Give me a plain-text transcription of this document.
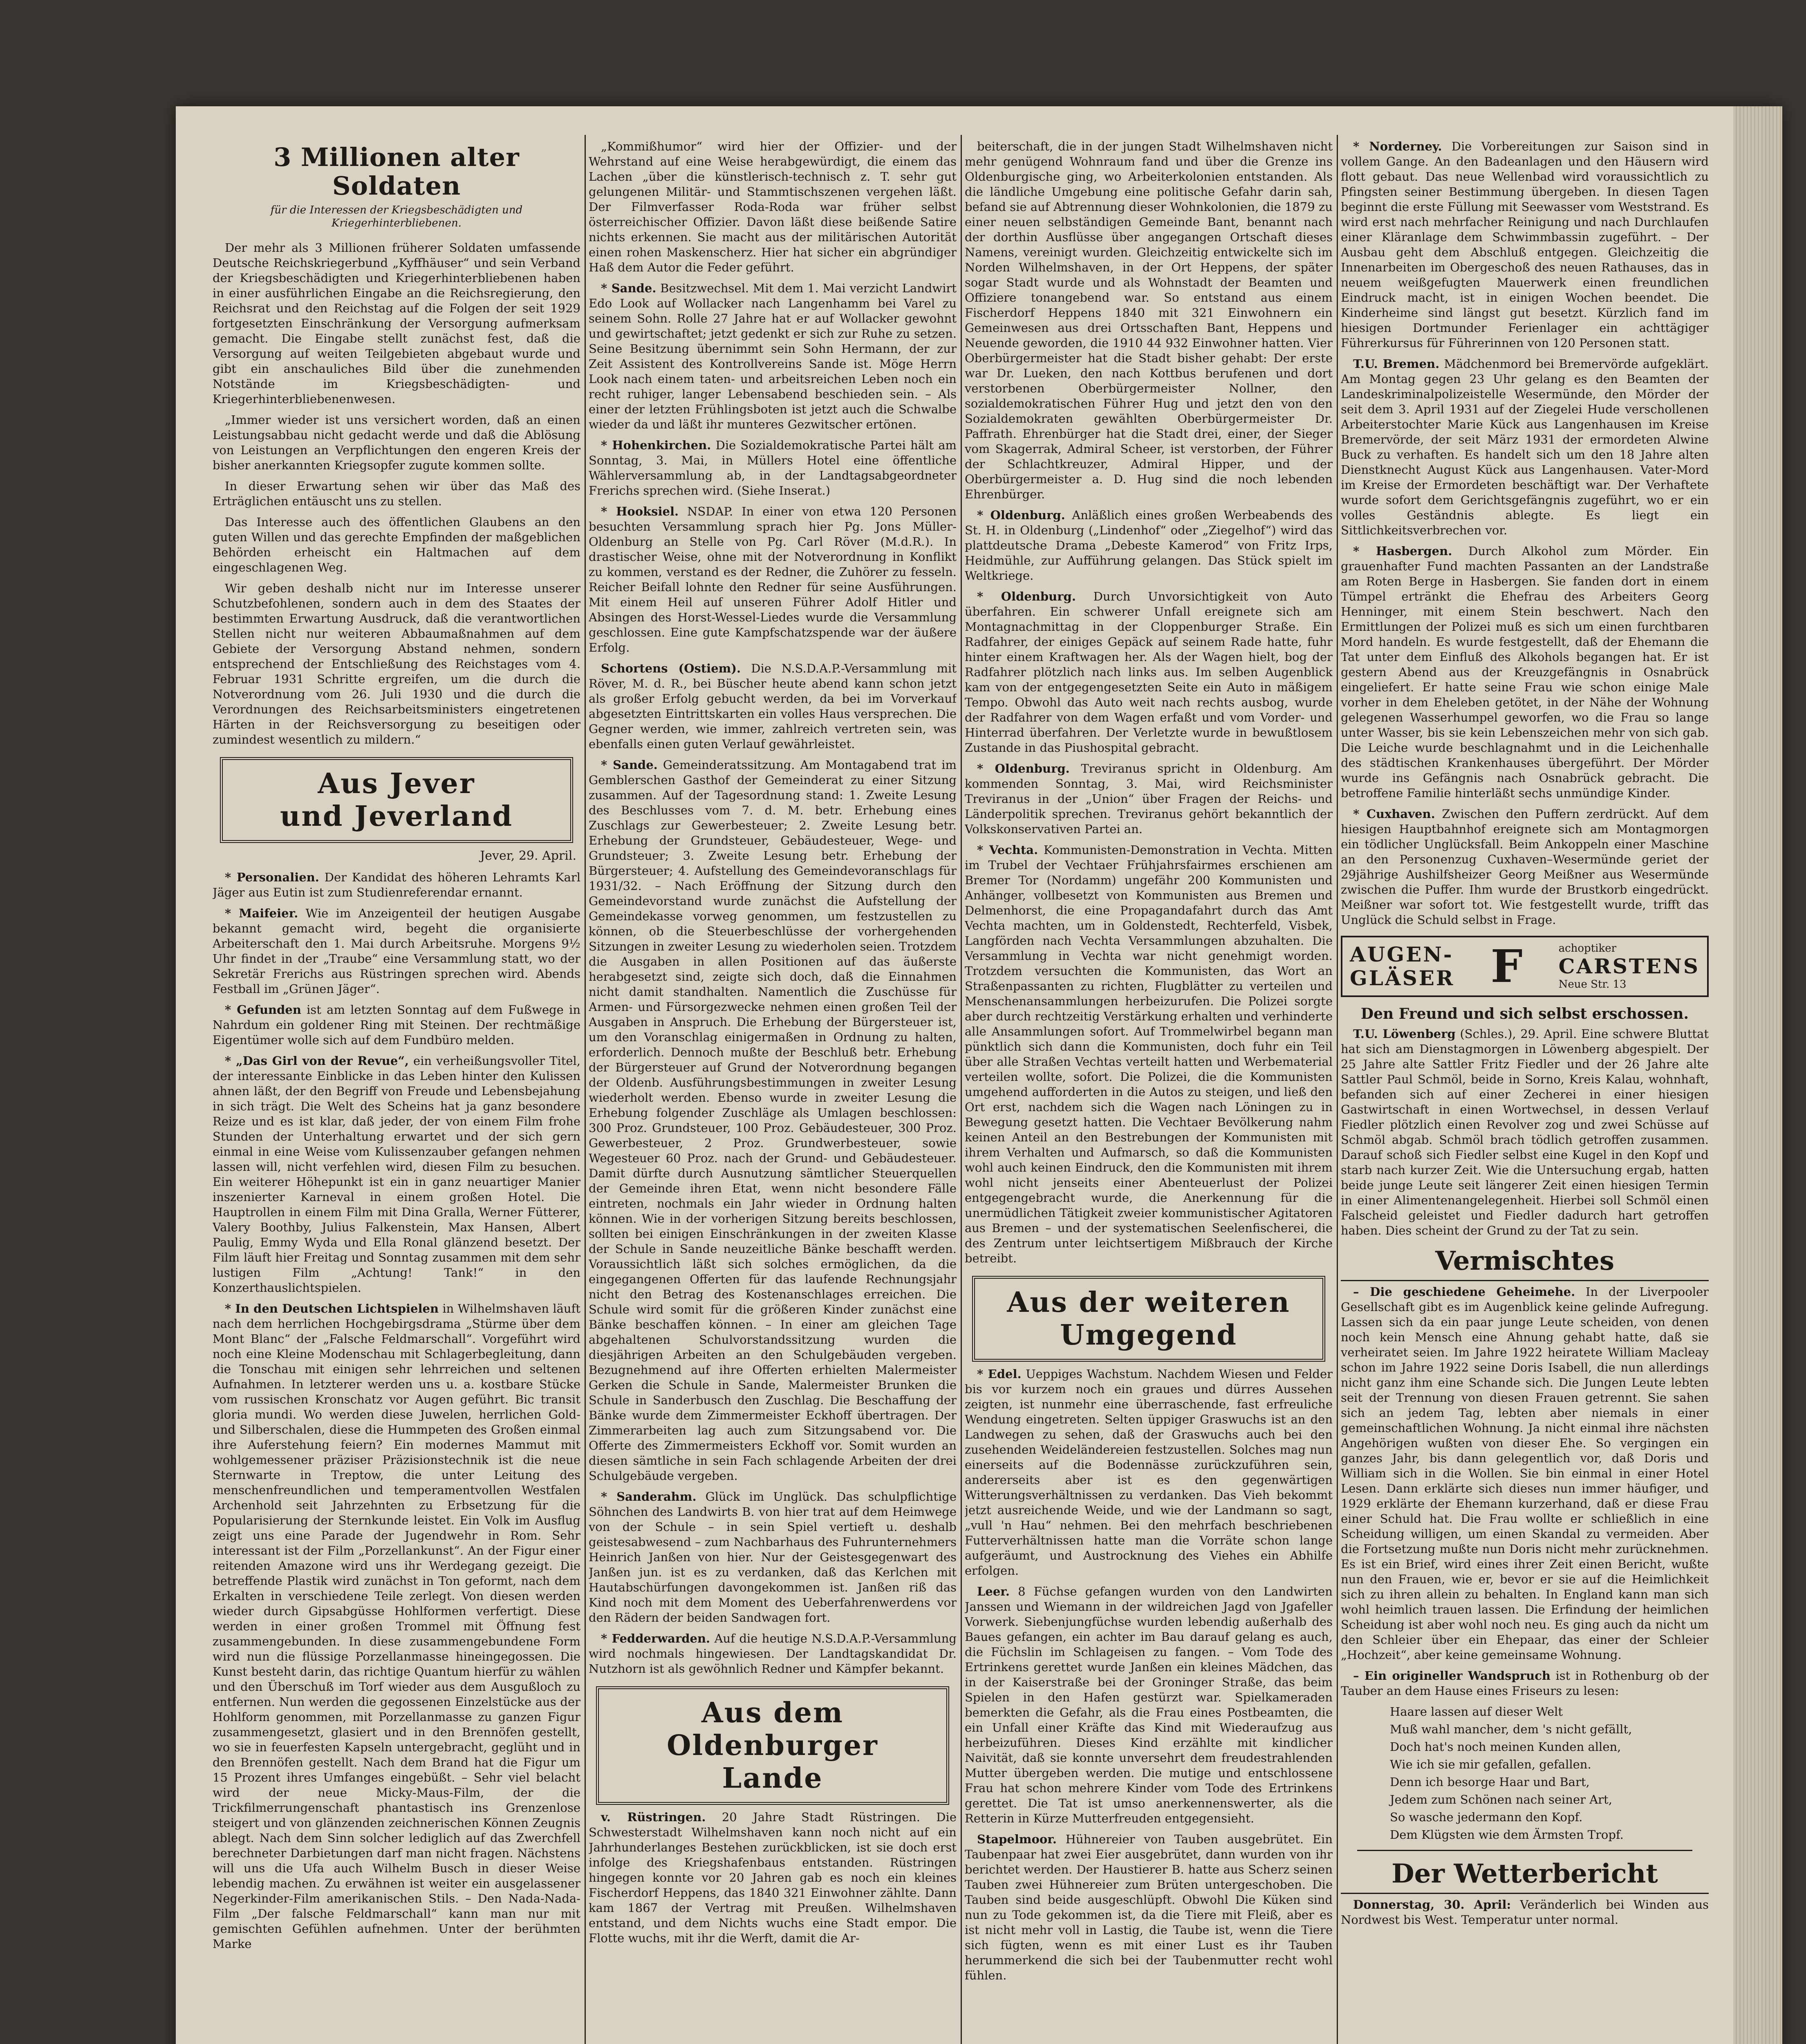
3 Millionen alter Soldaten
für die Interessen der Kriegsbeschädigten und Kriegerhinterbliebenen.

Der mehr als 3 Millionen früherer Soldaten umfassende Deutsche Reichskriegerbund „Kyffhäuser“ und sein Verband der Kriegsbeschädigten und Kriegerhinterbliebenen haben in einer ausführlichen Eingabe an die Reichsregierung, den Reichsrat und den Reichstag auf die Folgen der seit 1929 fortgesetzten Einschränkung der Versorgung aufmerksam gemacht. Die Eingabe stellt zunächst fest, daß die Versorgung auf weiten Teilgebieten abgebaut wurde und gibt ein anschauliches Bild über die zunehmenden Notstände im Kriegsbeschädigten- und Kriegerhinterbliebenenwesen.

„Immer wieder ist uns versichert worden, daß an einen Leistungsabbau nicht gedacht werde und daß die Ablösung von Leistungen an Verpflichtungen den engeren Kreis der bisher anerkannten Kriegsopfer zugute kommen sollte.

In dieser Erwartung sehen wir über das Maß des Erträglichen entäuscht uns zu stellen.

Das Interesse auch des öffentlichen Glaubens an den guten Willen und das gerechte Empfinden der maßgeblichen Behörden erheischt ein Haltmachen auf dem eingeschlagenen Weg.

Wir geben deshalb nicht nur im Interesse unserer Schutzbefohlenen, sondern auch in dem des Staates der bestimmten Erwartung Ausdruck, daß die verantwortlichen Stellen nicht nur weiteren Abbaumaßnahmen auf dem Gebiete der Versorgung Abstand nehmen, sondern entsprechend der Entschließung des Reichstages vom 4. Februar 1931 Schritte ergreifen, um die durch die Notverordnung vom 26. Juli 1930 und die durch die Verordnungen des Reichsarbeitsministers eingetretenen Härten in der Reichsversorgung zu beseitigen oder zumindest wesentlich zu mildern.“

Aus Jever
und Jeverland
Jever, 29. April.

* Personalien. Der Kandidat des höheren Lehramts Karl Jäger aus Eutin ist zum Studienreferendar ernannt.

* Maifeier. Wie im Anzeigenteil der heutigen Ausgabe bekannt gemacht wird, begeht die organisierte Arbeiterschaft den 1. Mai durch Arbeitsruhe. Morgens 9½ Uhr findet in der „Traube“ eine Versammlung statt, wo der Sekretär Frerichs aus Rüstringen sprechen wird. Abends Festball im „Grünen Jäger“.

* Gefunden ist am letzten Sonntag auf dem Fußwege in Nahrdum ein goldener Ring mit Steinen. Der rechtmäßige Eigentümer wolle sich auf dem Fundbüro melden.

* „Das Girl von der Revue“, ein verheißungsvoller Titel, der interessante Einblicke in das Leben hinter den Kulissen ahnen läßt, der den Begriff von Freude und Lebensbejahung in sich trägt. Die Welt des Scheins hat ja ganz besondere Reize und es ist klar, daß jeder, der von einem Film frohe Stunden der Unterhaltung erwartet und der sich gern einmal in eine Weise vom Kulissenzauber gefangen nehmen lassen will, nicht verfehlen wird, diesen Film zu besuchen. Ein weiterer Höhepunkt ist ein in ganz neuartiger Manier inszenierter Karneval in einem großen Hotel. Die Hauptrollen in einem Film mit Dina Gralla, Werner Fütterer, Valery Boothby, Julius Falkenstein, Max Hansen, Albert Paulig, Emmy Wyda und Ella Ronal glänzend besetzt. Der Film läuft hier Freitag und Sonntag zusammen mit dem sehr lustigen Film „Achtung! Tank!“ in den Konzerthauslichtspielen.

* In den Deutschen Lichtspielen in Wilhelmshaven läuft nach dem herrlichen Hochgebirgsdrama „Stürme über dem Mont Blanc“ der „Falsche Feldmarschall“. Vorgeführt wird noch eine Kleine Modenschau mit Schlagerbegleitung, dann die Tonschau mit einigen sehr lehrreichen und seltenen Aufnahmen. In letzterer werden uns u. a. kostbare Stücke vom russischen Kronschatz vor Augen geführt. Bic transit gloria mundi. Wo werden diese Juwelen, herrlichen Gold- und Silberschalen, diese die Hummpeten des Großen einmal ihre Auferstehung feiern? Ein modernes Mammut mit wohlgemessener präziser Präzisionstechnik ist die neue Sternwarte in Treptow, die unter Leitung des menschenfreundlichen und temperamentvollen Westfalen Archenhold seit Jahrzehnten zu Erbsetzung für die Popularisierung der Sternkunde leistet. Ein Volk im Ausflug zeigt uns eine Parade der Jugendwehr in Rom. Sehr interessant ist der Film „Porzellankunst“. An der Figur einer reitenden Amazone wird uns ihr Werdegang gezeigt. Die betreffende Plastik wird zunächst in Ton geformt, nach dem Erkalten in verschiedene Teile zerlegt. Von diesen werden wieder durch Gipsabgüsse Hohlformen verfertigt. Diese werden in einer großen Trommel mit Öffnung fest zusammengebunden. In diese zusammengebundene Form wird nun die flüssige Porzellanmasse hineingegossen. Die Kunst besteht darin, das richtige Quantum hierfür zu wählen und den Überschuß im Torf wieder aus dem Ausgußloch zu entfernen. Nun werden die gegossenen Einzelstücke aus der Hohlform genommen, mit Porzellanmasse zu ganzen Figur zusammengesetzt, glasiert und in den Brennöfen gestellt, wo sie in feuerfesten Kapseln untergebracht, geglüht und in den Brennöfen gestellt. Nach dem Brand hat die Figur um 15 Prozent ihres Umfanges eingebüßt. – Sehr viel belacht wird der neue Micky-Maus-Film, der die Trickfilmerrungenschaft phantastisch ins Grenzenlose steigert und von glänzenden zeichnerischen Können Zeugnis ablegt. Nach dem Sinn solcher lediglich auf das Zwerchfell berechneter Darbietungen darf man nicht fragen. Nächstens will uns die Ufa auch Wilhelm Busch in dieser Weise lebendig machen. Zu erwähnen ist weiter ein ausgelassener Negerkinder-Film amerikanischen Stils. – Den Nada-Nada-Film „Der falsche Feldmarschall“ kann man nur mit gemischten Gefühlen aufnehmen. Unter der berühmten Marke

„Kommißhumor“ wird hier der Offizier- und der Wehrstand auf eine Weise herabgewürdigt, die einem das Lachen „über die künstlerisch-technisch z. T. sehr gut gelungenen Militär- und Stammtischszenen vergehen läßt. Der Filmverfasser Roda-Roda war früher selbst österreichischer Offizier. Davon läßt diese beißende Satire nichts erkennen. Sie macht aus der militärischen Autorität einen rohen Maskenscherz. Hier hat sicher ein abgründiger Haß dem Autor die Feder geführt.

* Sande. Besitzwechsel. Mit dem 1. Mai verzicht Landwirt Edo Look auf Wollacker nach Langenhamm bei Varel zu seinem Sohn. Rolle 27 Jahre hat er auf Wollacker gewohnt und gewirtschaftet; jetzt gedenkt er sich zur Ruhe zu setzen. Seine Besitzung übernimmt sein Sohn Hermann, der zur Zeit Assistent des Kontrollvereins Sande ist. Möge Herrn Look nach einem taten- und arbeitsreichen Leben noch ein recht ruhiger, langer Lebensabend beschieden sein. – Als einer der letzten Frühlingsboten ist jetzt auch die Schwalbe wieder da und läßt ihr munteres Gezwitscher ertönen.

* Hohenkirchen. Die Sozialdemokratische Partei hält am Sonntag, 3. Mai, in Müllers Hotel eine öffentliche Wählerversammlung ab, in der Landtagsabgeordneter Frerichs sprechen wird. (Siehe Inserat.)

* Hooksiel. NSDAP. In einer von etwa 120 Personen besuchten Versammlung sprach hier Pg. Jons Müller-Oldenburg an Stelle von Pg. Carl Röver (M.d.R.). In drastischer Weise, ohne mit der Notverordnung in Konflikt zu kommen, verstand es der Redner, die Zuhörer zu fesseln. Reicher Beifall lohnte den Redner für seine Ausführungen. Mit einem Heil auf unseren Führer Adolf Hitler und Absingen des Horst-Wessel-Liedes wurde die Versammlung geschlossen. Eine gute Kampfschatzspende war der äußere Erfolg.

Schortens (Ostiem). Die N.S.D.A.P.-Versammlung mit Röver, M. d. R., bei Büscher heute abend kann schon jetzt als großer Erfolg gebucht werden, da bei im Vorverkauf abgesetzten Eintrittskarten ein volles Haus versprechen. Die Gegner werden, wie immer, zahlreich vertreten sein, was ebenfalls einen guten Verlauf gewährleistet.

* Sande. Gemeinderatssitzung. Am Montagabend trat im Gemblerschen Gasthof der Gemeinderat zu einer Sitzung zusammen. Auf der Tagesordnung stand: 1. Zweite Lesung des Beschlusses vom 7. d. M. betr. Erhebung eines Zuschlags zur Gewerbesteuer; 2. Zweite Lesung betr. Erhebung der Grundsteuer, Gebäudesteuer, Wege- und Grundsteuer; 3. Zweite Lesung betr. Erhebung der Bürgersteuer; 4. Aufstellung des Gemeindevoranschlags für 1931/32. – Nach Eröffnung der Sitzung durch den Gemeindevorstand wurde zunächst die Aufstellung der Gemeindekasse vorweg genommen, um festzustellen zu können, ob die Steuerbeschlüsse der vorhergehenden Sitzungen in zweiter Lesung zu wiederholen seien. Trotzdem die Ausgaben in allen Positionen auf das äußerste herabgesetzt sind, zeigte sich doch, daß die Einnahmen nicht damit standhalten. Namentlich die Zuschüsse für Armen- und Fürsorgezwecke nehmen einen großen Teil der Ausgaben in Anspruch. Die Erhebung der Bürgersteuer ist, um den Voranschlag einigermaßen in Ordnung zu halten, erforderlich. Dennoch mußte der Beschluß betr. Erhebung der Bürgersteuer auf Grund der Notverordnung begangen der Oldenb. Ausführungsbestimmungen in zweiter Lesung wiederholt werden. Ebenso wurde in zweiter Lesung die Erhebung folgender Zuschläge als Umlagen beschlossen: 300 Proz. Grundsteuer, 100 Proz. Gebäudesteuer, 300 Proz. Gewerbesteuer, 2 Proz. Grundwerbesteuer, sowie Wegesteuer 60 Proz. nach der Grund- und Gebäudesteuer. Damit dürfte durch Ausnutzung sämtlicher Steuerquellen der Gemeinde ihren Etat, wenn nicht besondere Fälle eintreten, nochmals ein Jahr wieder in Ordnung halten können. Wie in der vorherigen Sitzung bereits beschlossen, sollten bei einigen Einschränkungen in der zweiten Klasse der Schule in Sande neuzeitliche Bänke beschafft werden. Voraussichtlich läßt sich solches ermöglichen, da die eingegangenen Offerten für das laufende Rechnungsjahr nicht den Betrag des Kostenanschlages erreichen. Die Schule wird somit für die größeren Kinder zunächst eine Bänke beschaffen können. – In einer am gleichen Tage abgehaltenen Schulvorstandssitzung wurden die diesjährigen Arbeiten an den Schulgebäuden vergeben. Bezugnehmend auf ihre Offerten erhielten Malermeister Gerken die Schule in Sande, Malermeister Brunken die Schule in Sanderbusch den Zuschlag. Die Beschaffung der Bänke wurde dem Zimmermeister Eckhoff übertragen. Der Zimmerarbeiten lag auch zum Sitzungsabend vor. Die Offerte des Zimmermeisters Eckhoff vor. Somit wurden an diesen sämtliche in sein Fach schlagende Arbeiten der drei Schulgebäude vergeben.

* Sanderahm. Glück im Unglück. Das schulpflichtige Söhnchen des Landwirts B. von hier trat auf dem Heimwege von der Schule – in sein Spiel vertieft u. deshalb geistesabwesend – zum Nachbarhaus des Fuhrunternehmers Heinrich Janßen von hier. Nur der Geistesgegenwart des Janßen jun. ist es zu verdanken, daß das Kerlchen mit Hautabschürfungen davongekommen ist. Janßen riß das Kind noch mit dem Moment des Ueberfahrenwerdens vor den Rädern der beiden Sandwagen fort.

* Fedderwarden. Auf die heutige N.S.D.A.P.-Versammlung wird nochmals hingewiesen. Der Landtagskandidat Dr. Nutzhorn ist als gewöhnlich Redner und Kämpfer bekannt.

Aus dem Oldenburger
Lande

v. Rüstringen. 20 Jahre Stadt Rüstringen. Die Schwesterstadt Wilhelmshaven kann noch nicht auf ein Jahrhunderlanges Bestehen zurückblicken, ist sie doch erst infolge des Kriegshafenbaus entstanden. Rüstringen hingegen konnte vor 20 Jahren gab es noch ein kleines Fischerdorf Heppens, das 1840 321 Einwohner zählte. Dann kam 1867 der Vertrag mit Preußen. Wilhelmshaven entstand, und dem Nichts wuchs eine Stadt empor. Die Flotte wuchs, mit ihr die Werft, damit die Ar-

beiterschaft, die in der jungen Stadt Wilhelmshaven nicht mehr genügend Wohnraum fand und über die Grenze ins Oldenburgische ging, wo Arbeiterkolonien entstanden. Als die ländliche Umgebung eine politische Gefahr darin sah, befand sie auf Abtrennung dieser Wohnkolonien, die 1879 zu einer neuen selbständigen Gemeinde Bant, benannt nach der dorthin Ausflüsse über angegangen Ortschaft dieses Namens, vereinigt wurden. Gleichzeitig entwickelte sich im Norden Wilhelmshaven, in der Ort Heppens, der später sogar Stadt wurde und als Wohnstadt der Beamten und Offiziere tonangebend war. So entstand aus einem Fischerdorf Heppens 1840 mit 321 Einwohnern ein Gemeinwesen aus drei Ortsschaften Bant, Heppens und Neuende geworden, die 1910 44 932 Einwohner hatten. Vier Oberbürgermeister hat die Stadt bisher gehabt: Der erste war Dr. Lueken, den nach Kottbus berufenen und dort verstorbenen Oberbürgermeister Nollner, den sozialdemokratischen Führer Hug und jetzt den von den Sozialdemokraten gewählten Oberbürgermeister Dr. Paffrath. Ehrenbürger hat die Stadt drei, einer, der Sieger vom Skagerrak, Admiral Scheer, ist verstorben, der Führer der Schlachtkreuzer, Admiral Hipper, und der Oberbürgermeister a. D. Hug sind die noch lebenden Ehrenbürger.

* Oldenburg. Anläßlich eines großen Werbeabends des St. H. in Oldenburg („Lindenhof“ oder „Ziegelhof“) wird das plattdeutsche Drama „Debeste Kamerod“ von Fritz Irps, Heidmühle, zur Aufführung gelangen. Das Stück spielt im Weltkriege.

* Oldenburg. Durch Unvorsichtigkeit von Auto überfahren. Ein schwerer Unfall ereignete sich am Montagnachmittag in der Cloppenburger Straße. Ein Radfahrer, der einiges Gepäck auf seinem Rade hatte, fuhr hinter einem Kraftwagen her. Als der Wagen hielt, bog der Radfahrer plötzlich nach links aus. Im selben Augenblick kam von der entgegengesetzten Seite ein Auto in mäßigem Tempo. Obwohl das Auto weit nach rechts ausbog, wurde der Radfahrer von dem Wagen erfaßt und vom Vorder- und Hinterrad überfahren. Der Verletzte wurde in bewußtlosem Zustande in das Piushospital gebracht.

* Oldenburg. Treviranus spricht in Oldenburg. Am kommenden Sonntag, 3. Mai, wird Reichsminister Treviranus in der „Union“ über Fragen der Reichs- und Länderpolitik sprechen. Treviranus gehört bekanntlich der Volkskonservativen Partei an.

* Vechta. Kommunisten-Demonstration in Vechta. Mitten im Trubel der Vechtaer Frühjahrsfairmes erschienen am Bremer Tor (Nordamm) ungefähr 200 Kommunisten und Anhänger, vollbesetzt von Kommunisten aus Bremen und Delmenhorst, die eine Propagandafahrt durch das Amt Vechta machten, um in Goldenstedt, Rechterfeld, Visbek, Langförden nach Vechta Versammlungen abzuhalten. Die Versammlung in Vechta war nicht genehmigt worden. Trotzdem versuchten die Kommunisten, das Wort an Straßenpassanten zu richten, Flugblätter zu verteilen und Menschenansammlungen herbeizurufen. Die Polizei sorgte aber durch rechtzeitig Verstärkung erhalten und verhinderte alle Ansammlungen sofort. Auf Trommelwirbel begann man pünktlich sich dann die Kommunisten, doch fuhr ein Teil über alle Straßen Vechtas verteilt hatten und Werbematerial verteilen wollte, sofort. Die Polizei, die die Kommunisten umgehend aufforderten in die Autos zu steigen, und ließ den Ort erst, nachdem sich die Wagen nach Löningen zu in Bewegung gesetzt hatten. Die Vechtaer Bevölkerung nahm keinen Anteil an den Bestrebungen der Kommunisten mit ihrem Verhalten und Aufmarsch, so daß die Kommunisten wohl auch keinen Eindruck, den die Kommunisten mit ihrem wohl nicht jenseits einer Abenteuerlust der Polizei entgegengebracht wurde, die Anerkennung für die unermüdlichen Tätigkeit zweier kommunistischer Agitatoren aus Bremen – und der systematischen Seelenfischerei, die des Zentrum unter leichtsertigem Mißbrauch der Kirche betreibt.

Aus der weiteren
Umgegend

* Edel. Ueppiges Wachstum. Nachdem Wiesen und Felder bis vor kurzem noch ein graues und dürres Aussehen zeigten, ist nunmehr eine überraschende, fast erfreuliche Wendung eingetreten. Selten üppiger Graswuchs ist an den Landwegen zu sehen, daß der Graswuchs auch bei den zusehenden Weideländereien festzustellen. Solches mag nun einerseits auf die Bodennässe zurückzuführen sein, andererseits aber ist es den gegenwärtigen Witterungsverhältnissen zu verdanken. Das Vieh bekommt jetzt ausreichende Weide, und wie der Landmann so sagt, „vull 'n Hau“ nehmen. Bei den mehrfach beschriebenen Futterverhältnissen hatte man die Vorräte schon lange aufgeräumt, und Austrocknung des Viehes ein Abhilfe erfolgen.

Leer. 8 Füchse gefangen wurden von den Landwirten Janssen und Wiemann in der wildreichen Jagd von Jgafeller Vorwerk. Siebenjungfüchse wurden lebendig außerhalb des Baues gefangen, ein achter im Bau darauf gelang es auch, die Füchslin im Schlageisen zu fangen. – Vom Tode des Ertrinkens gerettet wurde Janßen ein kleines Mädchen, das in der Kaiserstraße bei der Groninger Straße, das beim Spielen in den Hafen gestürzt war. Spielkameraden bemerkten die Gefahr, als die Frau eines Postbeamten, die ein Unfall einer Kräfte das Kind mit Wiederaufzug aus herbeizuführen. Dieses Kind erzählte mit kindlicher Naivität, daß sie konnte unversehrt dem freudestrahlenden Mutter übergeben werden. Die mutige und entschlossene Frau hat schon mehrere Kinder vom Tode des Ertrinkens gerettet. Die Tat ist umso anerkennenswerter, als die Retterin in Kürze Mutterfreuden entgegensieht.

Stapelmoor. Hühnereier von Tauben ausgebrütet. Ein Taubenpaar hat zwei Eier ausgebrütet, dann wurden von ihr berichtet werden. Der Haustierer B. hatte aus Scherz seinen Tauben zwei Hühnereier zum Brüten untergeschoben. Die Tauben sind beide ausgeschlüpft. Obwohl Die Küken sind nun zu Tode gekommen ist, da die Tiere mit Fleiß, aber es ist nicht mehr voll in Lastig, die Taube ist, wenn die Tiere sich fügten, wenn es mit einer Lust es ihr Tauben herummerkend die sich bei der Taubenmutter recht wohl fühlen.

* Norderney. Die Vorbereitungen zur Saison sind in vollem Gange. An den Badeanlagen und den Häusern wird flott gebaut. Das neue Wellenbad wird voraussichtlich zu Pfingsten seiner Bestimmung übergeben. In diesen Tagen beginnt die erste Füllung mit Seewasser vom Weststrand. Es wird erst nach mehrfacher Reinigung und nach Durchlaufen einer Kläranlage dem Schwimmbassin zugeführt. – Der Ausbau geht dem Abschluß entgegen. Gleichzeitig die Innenarbeiten im Obergeschoß des neuen Rathauses, das in neuem weißgefugten Mauerwerk einen freundlichen Eindruck macht, ist in einigen Wochen beendet. Die Kinderheime sind längst gut besetzt. Kürzlich fand im hiesigen Dortmunder Ferienlager ein achttägiger Führerkursus für Führerinnen von 120 Personen statt.

T.U. Bremen. Mädchenmord bei Bremervörde aufgeklärt. Am Montag gegen 23 Uhr gelang es den Beamten der Landeskriminalpolizeistelle Wesermünde, den Mörder der seit dem 3. April 1931 auf der Ziegelei Hude verschollenen Arbeiterstochter Marie Kück aus Langenhausen im Kreise Bremervörde, der seit März 1931 der ermordeten Alwine Buck zu verhaften. Es handelt sich um den 18 Jahre alten Dienstknecht August Kück aus Langenhausen. Vater-Mord im Kreise der Ermordeten beschäftigt war. Der Verhaftete wurde sofort dem Gerichtsgefängnis zugeführt, wo er ein volles Geständnis ablegte. Es liegt ein Sittlichkeitsverbrechen vor.

* Hasbergen. Durch Alkohol zum Mörder. Ein grauenhafter Fund machten Passanten an der Landstraße am Roten Berge in Hasbergen. Sie fanden dort in einem Tümpel ertränkt die Ehefrau des Arbeiters Georg Henninger, mit einem Stein beschwert. Nach den Ermittlungen der Polizei muß es sich um einen furchtbaren Mord handeln. Es wurde festgestellt, daß der Ehemann die Tat unter dem Einfluß des Alkohols begangen hat. Er ist gestern Abend aus der Kreuzgefängnis in Osnabrück eingeliefert. Er hatte seine Frau wie schon einige Male vorher in dem Eheleben getötet, in der Nähe der Wohnung gelegenen Wasserhumpel geworfen, wo die Frau so lange unter Wasser, bis sie kein Lebenszeichen mehr von sich gab. Die Leiche wurde beschlagnahmt und in die Leichenhalle des städtischen Krankenhauses übergeführt. Der Mörder wurde ins Gefängnis nach Osnabrück gebracht. Die betroffene Familie hinterläßt sechs unmündige Kinder.

* Cuxhaven. Zwischen den Puffern zerdrückt. Auf dem hiesigen Hauptbahnhof ereignete sich am Montagmorgen ein tödlicher Unglücksfall. Beim Ankoppeln einer Maschine an den Personenzug Cuxhaven–Wesermünde geriet der 29jährige Aushilfsheizer Georg Meißner aus Wesermünde zwischen die Puffer. Ihm wurde der Brustkorb eingedrückt. Meißner war sofort tot. Wie festgestellt wurde, trifft das Unglück die Schuld selbst in Frage.

AUGEN-
GLÄSER F	achoptiker
CARSTENS
Neue Str. 13
Den Freund und sich selbst erschossen.

T.U. Löwenberg (Schles.), 29. April. Eine schwere Bluttat hat sich am Dienstagmorgen in Löwenberg abgespielt. Der 25 Jahre alte Sattler Fritz Fiedler und der 26 Jahre alte Sattler Paul Schmöl, beide in Sorno, Kreis Kalau, wohnhaft, befanden sich auf einer Zecherei in einer hiesigen Gastwirtschaft in einen Wortwechsel, in dessen Verlauf Fiedler plötzlich einen Revolver zog und zwei Schüsse auf Schmöl abgab. Schmöl brach tödlich getroffen zusammen. Darauf schoß sich Fiedler selbst eine Kugel in den Kopf und starb nach kurzer Zeit. Wie die Untersuchung ergab, hatten beide junge Leute seit längerer Zeit einen hiesigen Termin in einer Alimentenangelegenheit. Hierbei soll Schmöl einen Falscheid geleistet und Fiedler dadurch hart getroffen haben. Dies scheint der Grund zu der Tat zu sein.

Vermischtes

– Die geschiedene Geheimehe. In der Liverpooler Gesellschaft gibt es im Augenblick keine gelinde Aufregung. Lassen sich da ein paar junge Leute scheiden, von denen noch kein Mensch eine Ahnung gehabt hatte, daß sie verheiratet seien. Im Jahre 1922 heiratete William Macleay schon im Jahre 1922 seine Doris Isabell, die nun allerdings nicht ganz ihm eine Schande sich. Die Jungen Leute lebten seit der Trennung von diesen Frauen getrennt. Sie sahen sich an jedem Tag, lebten aber niemals in einer gemeinschaftlichen Wohnung. Ja nicht einmal ihre nächsten Angehörigen wußten von dieser Ehe. So vergingen ein ganzes Jahr, bis dann gelegentlich vor, daß Doris und William sich in die Wollen. Sie bin einmal in einer Hotel Lesen. Dann erklärte sich dieses nun immer häufiger, und 1929 erklärte der Ehemann kurzerhand, daß er diese Frau einer Schuld hat. Die Frau wollte er schließlich in eine Scheidung willigen, um einen Skandal zu vermeiden. Aber die Fortsetzung mußte nun Doris nicht mehr zurücknehmen. Es ist ein Brief, wird eines ihrer Zeit einen Bericht, wußte nun den Frauen, wie er, bevor er sie auf die Heimlichkeit sich zu ihren allein zu behalten. In England kann man sich wohl heimlich trauen lassen. Die Erfindung der heimlichen Scheidung ist aber wohl noch neu. Es ging auch da nicht um den Schleier über ein Ehepaar, das einer der Schleier „Hochzeit“, aber keine gemeinsame Wohnung.

– Ein origineller Wandspruch ist in Rothenburg ob der Tauber an dem Hause eines Friseurs zu lesen:

Haare lassen auf dieser Welt
Muß wahl mancher, dem 's nicht gefällt,
Doch hat's noch meinen Kunden allen,
Wie ich sie mir gefallen, gefallen.
Denn ich besorge Haar und Bart,
Jedem zum Schönen nach seiner Art,
So wasche jedermann den Kopf.
Dem Klügsten wie dem Ärmsten Tropf.
Der Wetterbericht

Donnerstag, 30. April: Veränderlich bei Winden aus Nordwest bis West. Temperatur unter normal.
